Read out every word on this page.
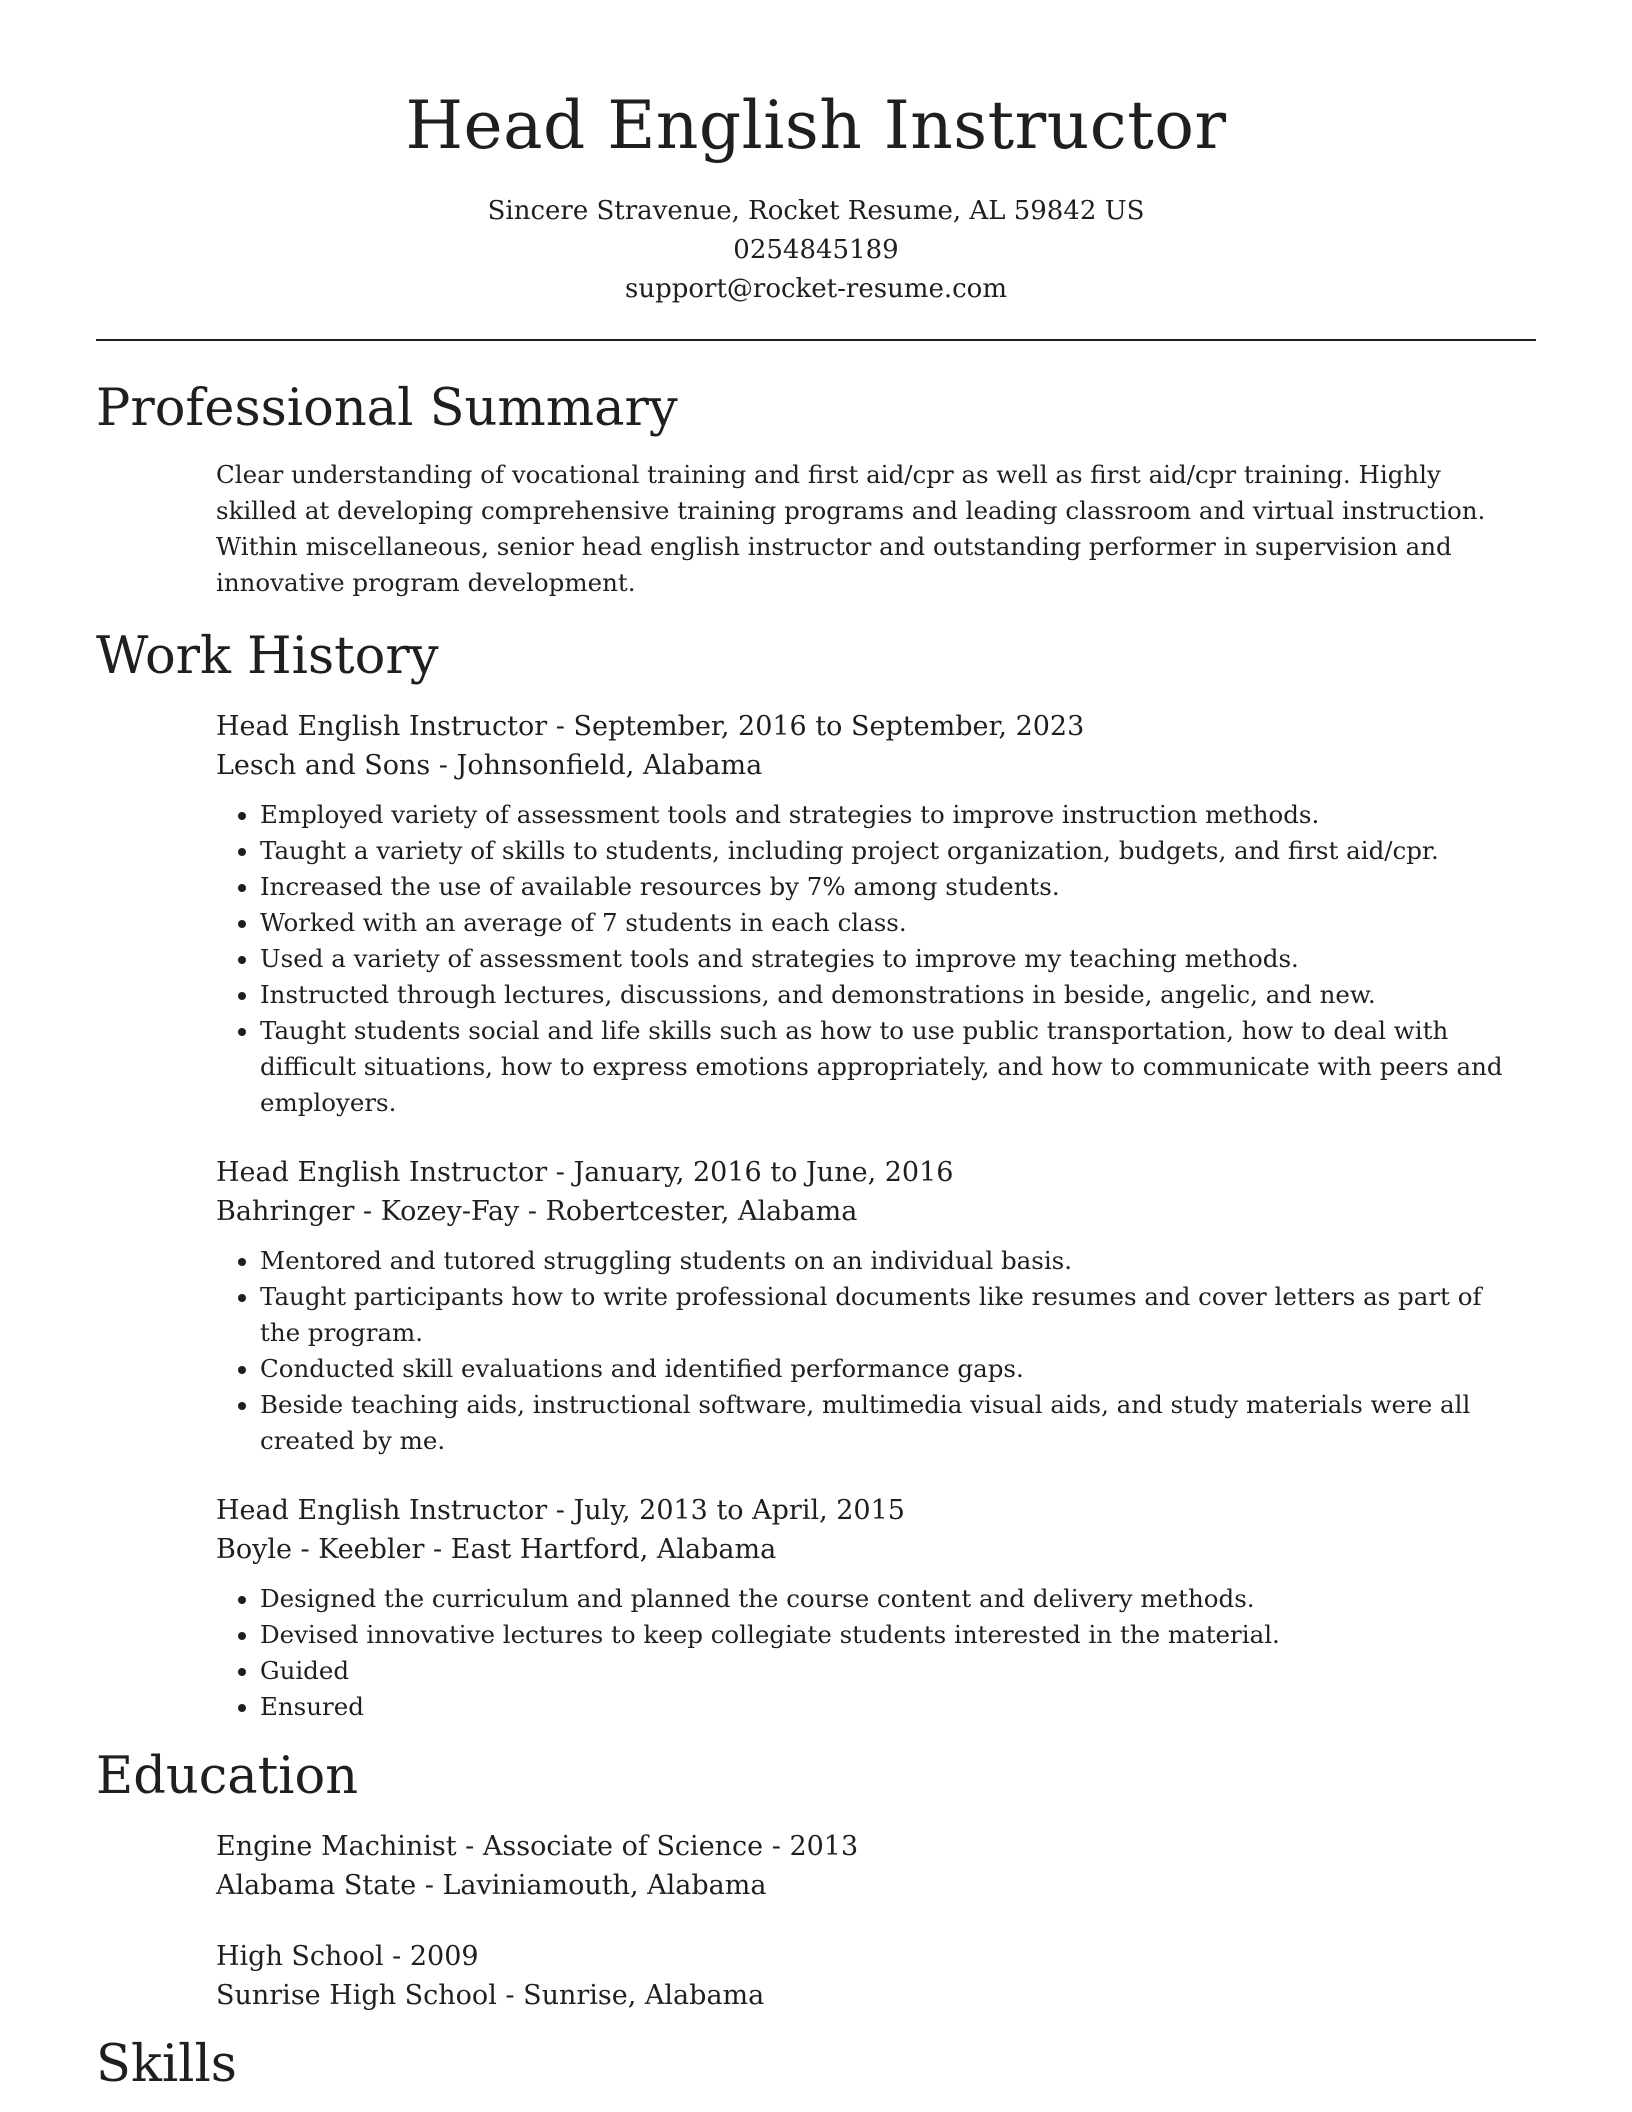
Head English Instructor
Sincere Stravenue, Rocket Resume, AL 59842 US
0254845189
support@rocket-resume.com
Professional Summary
Clear understanding of vocational training and first aid/cpr as well as first aid/cpr training. Highly skilled at developing comprehensive training programs and leading classroom and virtual instruction. Within miscellaneous, senior head english instructor and outstanding performer in supervision and innovative program development.
Work History
Head English Instructor - September, 2016 to September, 2023
Lesch and Sons - Johnsonfield, Alabama
• Employed variety of assessment tools and strategies to improve instruction methods.
• Taught a variety of skills to students, including project organization, budgets, and first aid/cpr.
• Increased the use of available resources by 7% among students.
• Worked with an average of 7 students in each class.
• Used a variety of assessment tools and strategies to improve my teaching methods.
• Instructed through lectures, discussions, and demonstrations in beside, angelic, and new.
• Taught students social and life skills such as how to use public transportation, how to deal with difficult situations, how to express emotions appropriately, and how to communicate with peers and employers.
Head English Instructor - January, 2016 to June, 2016
Bahringer - Kozey-Fay - Robertcester, Alabama
• Mentored and tutored struggling students on an individual basis.
• Taught participants how to write professional documents like resumes and cover letters as part of the program.
• Conducted skill evaluations and identified performance gaps.
• Beside teaching aids, instructional software, multimedia visual aids, and study materials were all created by me.
Head English Instructor - July, 2013 to April, 2015
Boyle - Keebler - East Hartford, Alabama
• Designed the curriculum and planned the course content and delivery methods.
• Devised innovative lectures to keep collegiate students interested in the material.
• Guided
• Ensured
Education
Engine Machinist - Associate of Science - 2013
Alabama State - Laviniamouth, Alabama
High School - 2009
Sunrise High School - Sunrise, Alabama
Skills
